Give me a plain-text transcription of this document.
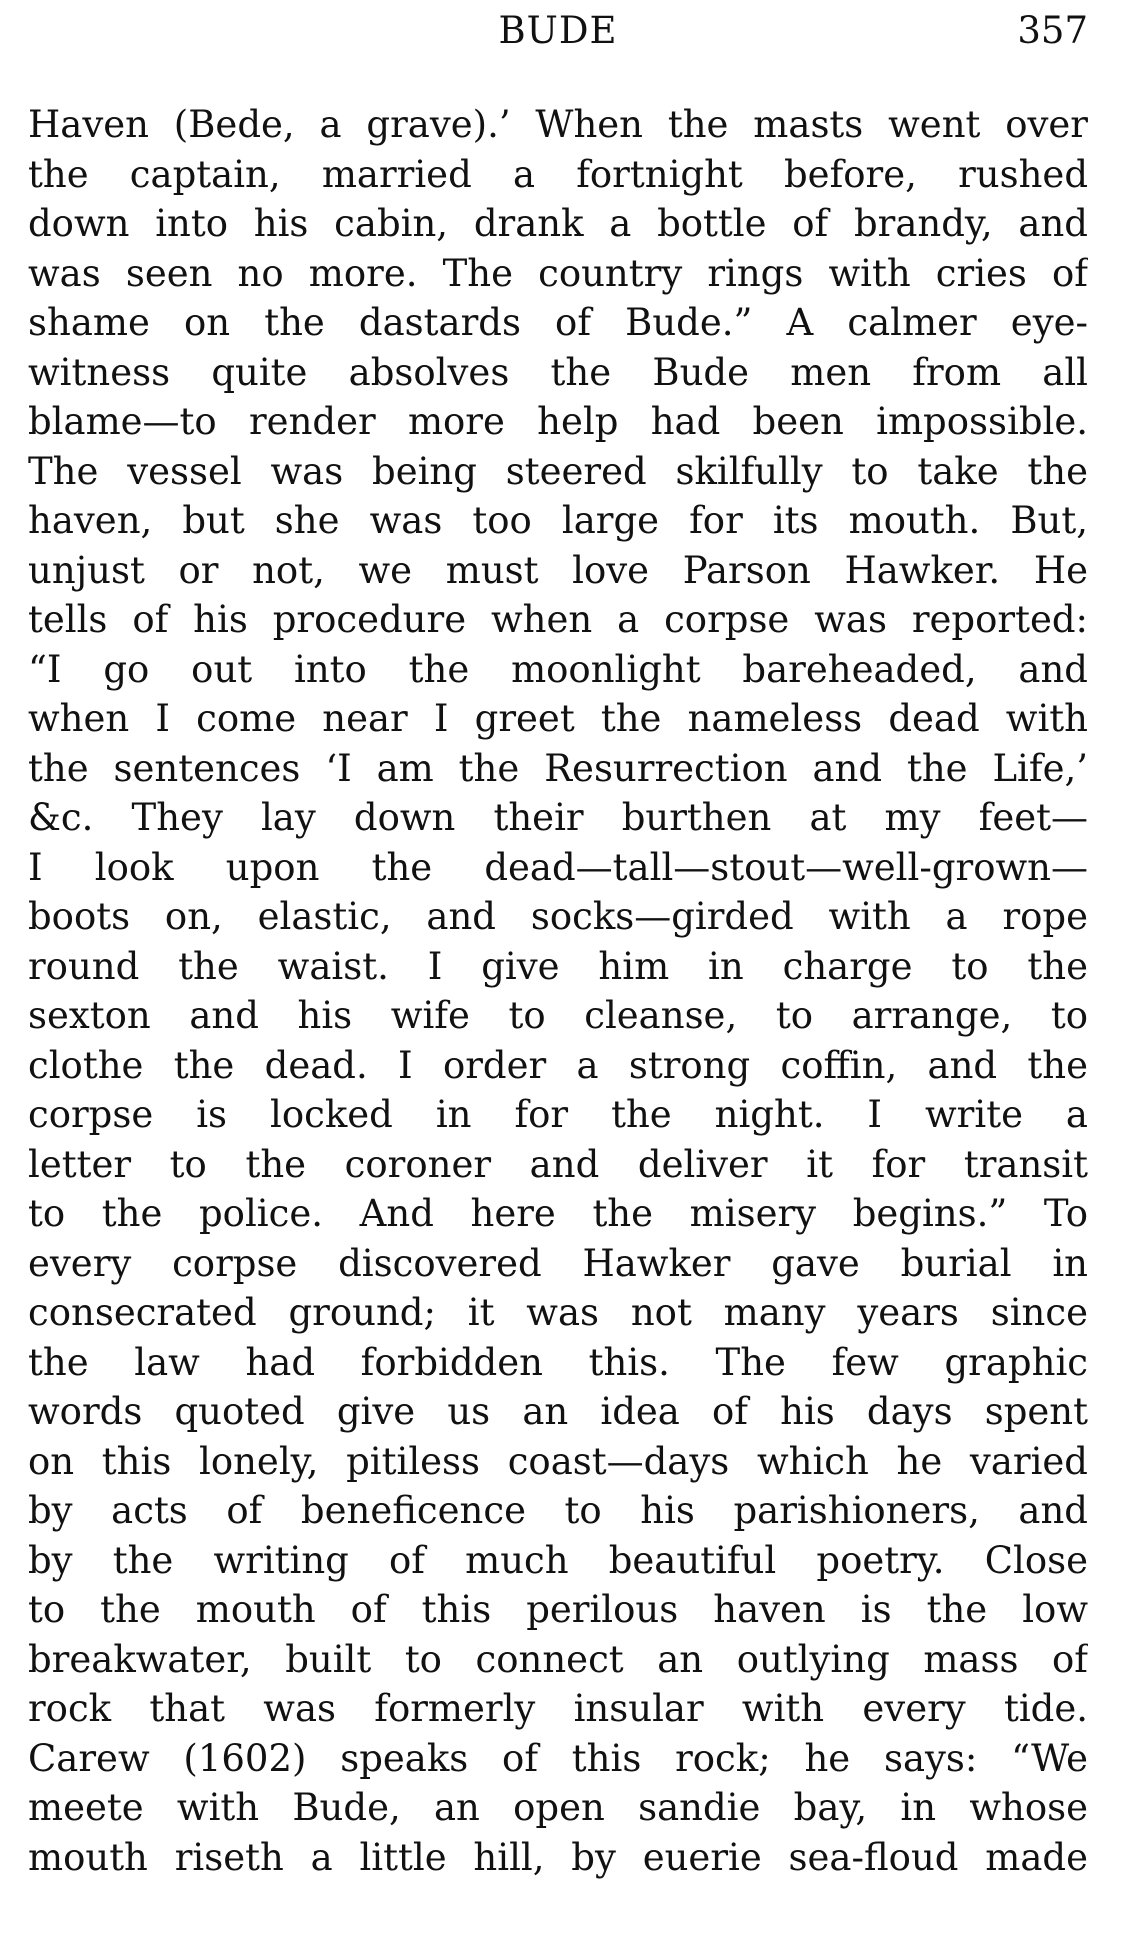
BUDE	357
Haven (Bede, a grave).’ When the masts went over
the captain, married a fortnight before, rushed
down into his cabin, drank a bottle of brandy, and
was seen no more. The country rings with cries of
shame on the dastards of Bude.” A calmer eye-
witness quite absolves the Bude men from all
blame—to render more help had been impossible.
The vessel was being steered skilfully to take the
haven, but she was too large for its mouth. But,
unjust or not, we must love Parson Hawker. He
tells of his procedure when a corpse was reported:
“I go out into the moonlight bareheaded, and
when I come near I greet the nameless dead with
the sentences ‘I am the Resurrection and the Life,’
&c. They lay down their burthen at my feet—
I look upon the dead—tall—stout—well-grown—
boots on, elastic, and socks—girded with a rope
round the waist. I give him in charge to the
sexton and his wife to cleanse, to arrange, to
clothe the dead. I order a strong coffin, and the
corpse is locked in for the night. I write a
letter to the coroner and deliver it for transit
to the police. And here the misery begins.” To
every corpse discovered Hawker gave burial in
consecrated ground; it was not many years since
the law had forbidden this. The few graphic
words quoted give us an idea of his days spent
on this lonely, pitiless coast—days which he varied
by acts of beneficence to his parishioners, and
by the writing of much beautiful poetry. Close
to the mouth of this perilous haven is the low
breakwater, built to connect an outlying mass of
rock that was formerly insular with every tide.
Carew (1602) speaks of this rock; he says: “We
meete with Bude, an open sandie bay, in whose
mouth riseth a little hill, by euerie sea-floud made
